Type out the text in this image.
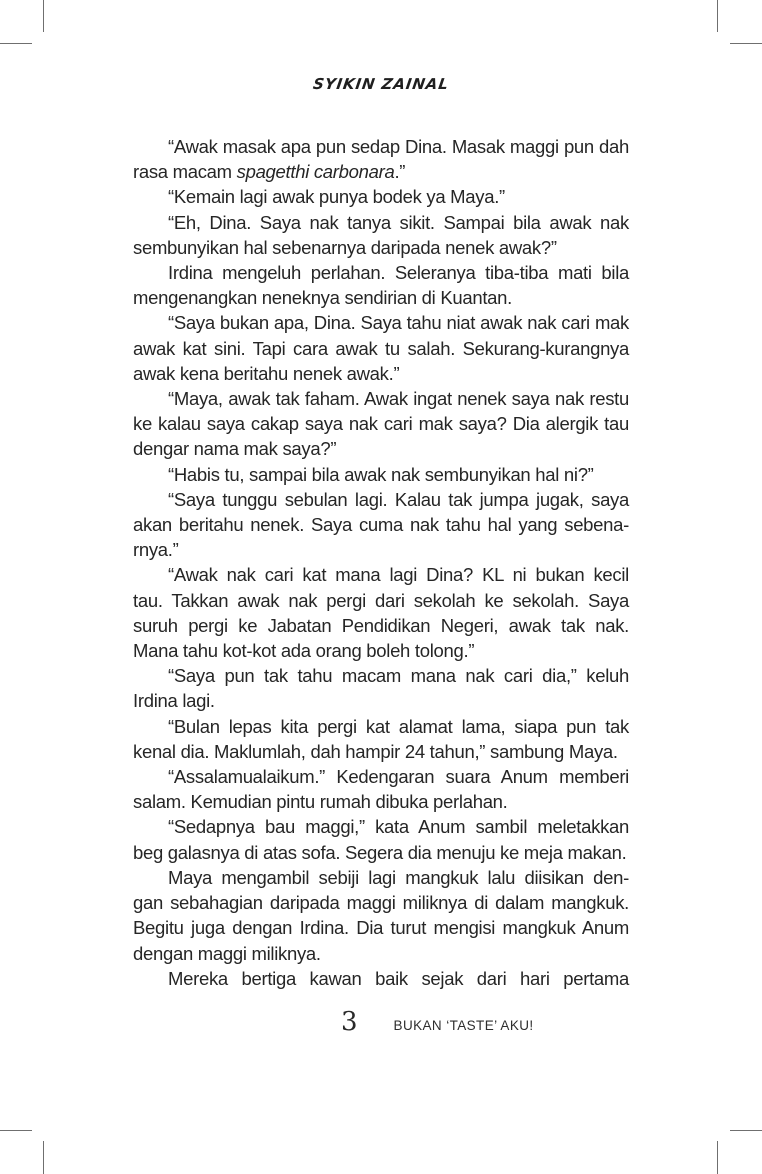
SYIKIN ZAINAL
“Awak masak apa pun sedap Dina. Masak maggi pun dah
rasa macam spagetthi carbonara.”
“Kemain lagi awak punya bodek ya Maya.”
“Eh, Dina. Saya nak tanya sikit. Sampai bila awak nak
sembunyikan hal sebenarnya daripada nenek awak?”
Irdina mengeluh perlahan. Seleranya tiba-tiba mati bila
mengenangkan neneknya sendirian di Kuantan.
“Saya bukan apa, Dina. Saya tahu niat awak nak cari mak
awak kat sini. Tapi cara awak tu salah. Sekurang-kurangnya
awak kena beritahu nenek awak.”
“Maya, awak tak faham. Awak ingat nenek saya nak restu
ke kalau saya cakap saya nak cari mak saya? Dia alergik tau
dengar nama mak saya?”
“Habis tu, sampai bila awak nak sembunyikan hal ni?”
“Saya tunggu sebulan lagi. Kalau tak jumpa jugak, saya
akan beritahu nenek. Saya cuma nak tahu hal yang sebena-
rnya.”
“Awak nak cari kat mana lagi Dina? KL ni bukan kecil
tau. Takkan awak nak pergi dari sekolah ke sekolah. Saya
suruh pergi ke Jabatan Pendidikan Negeri, awak tak nak.
Mana tahu kot-kot ada orang boleh tolong.”
“Saya pun tak tahu macam mana nak cari dia,” keluh
Irdina lagi.
“Bulan lepas kita pergi kat alamat lama, siapa pun tak
kenal dia. Maklumlah, dah hampir 24 tahun,” sambung Maya.
“Assalamualaikum.” Kedengaran suara Anum memberi
salam. Kemudian pintu rumah dibuka perlahan.
“Sedapnya bau maggi,” kata Anum sambil meletakkan
beg galasnya di atas sofa. Segera dia menuju ke meja makan.
Maya mengambil sebiji lagi mangkuk lalu diisikan den-
gan sebahagian daripada maggi miliknya di dalam mangkuk.
Begitu juga dengan Irdina. Dia turut mengisi mangkuk Anum
dengan maggi miliknya.
Mereka bertiga kawan baik sejak dari hari pertama
3	BUKAN ‘TASTE’ AKU!
